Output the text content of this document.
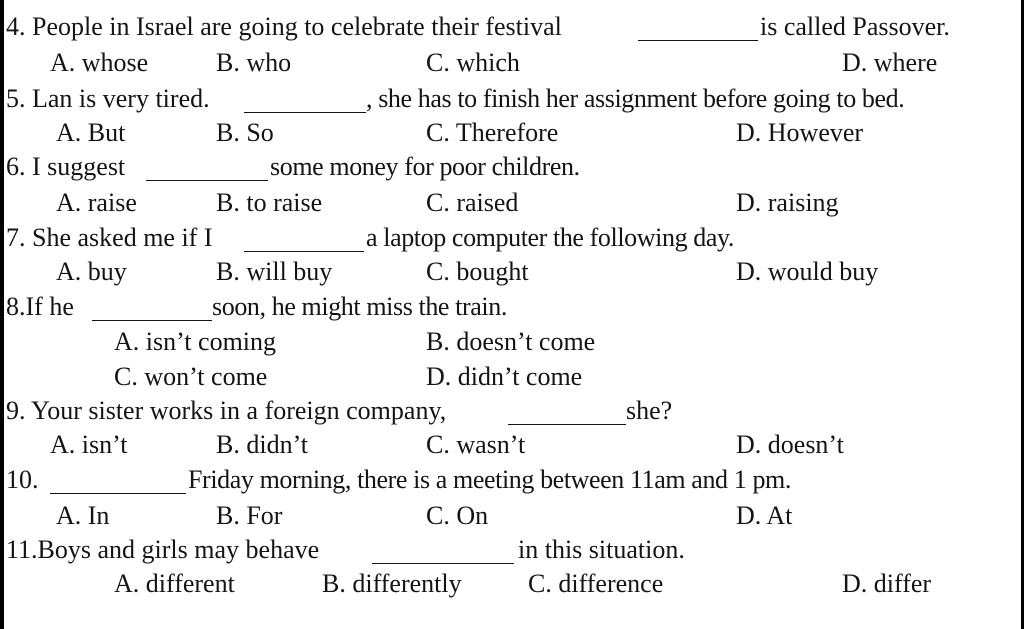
4. People in Israel are going to celebrate their festival	is called Passover.
A. whose	B. who	C. which	D. where
5. Lan is very tired.	, she has to finish her assignment before going to bed.
A. But	B. So	C. Therefore	D. However
6. I suggest	some money for poor children.
A. raise	B. to raise	C. raised	D. raising
7. She asked me if I	a laptop computer the following day.
A. buy	B. will buy	C. bought	D. would buy
8.If he	soon, he might miss the train.
A. isn’t coming	B. doesn’t come
C. won’t come	D. didn’t come
9. Your sister works in a foreign company,	she?
A. isn’t	B. didn’t	C. wasn’t	D. doesn’t
10.	Friday morning, there is a meeting between 11am and 1 pm.
A. In	B. For	C. On	D. At
11.Boys and girls may behave	in this situation.
A. different	B. differently	C. difference	D. differ
